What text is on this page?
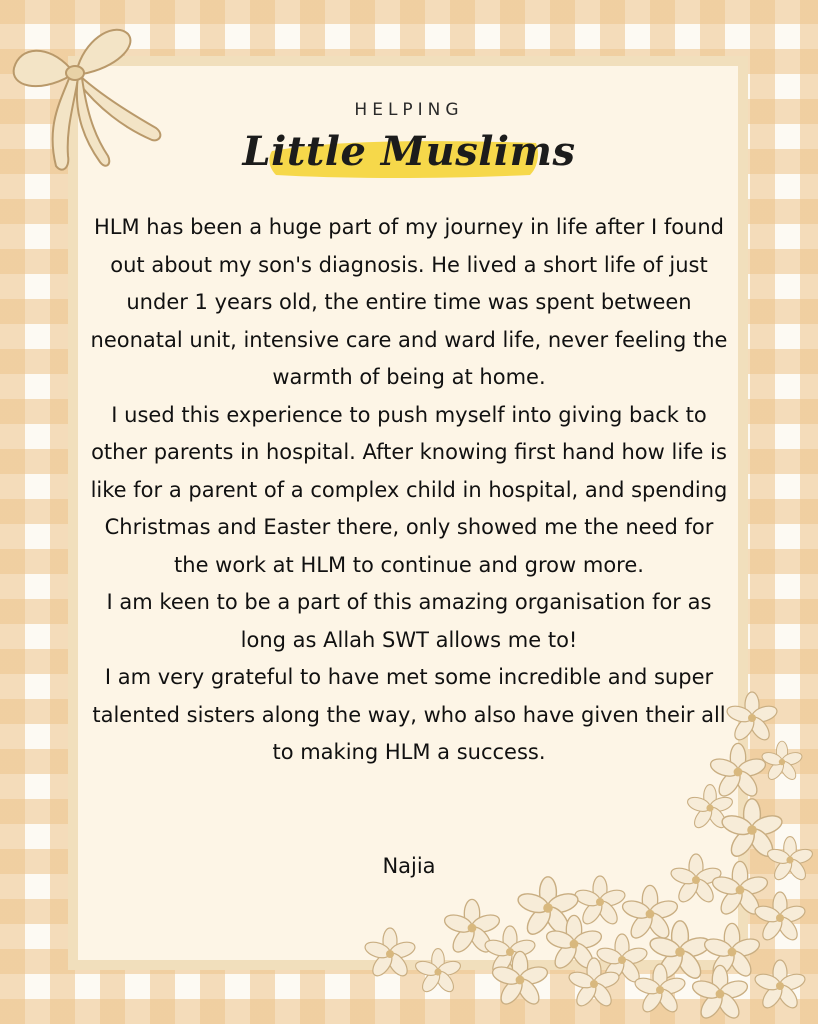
HELPING
Little Muslims

HLM has been a huge part of my journey in life after I found out about my son's diagnosis. He lived a short life of just under 1 years old, the entire time was spent between neonatal unit, intensive care and ward life, never feeling the warmth of being at home.

I used this experience to push myself into giving back to other parents in hospital. After knowing first hand how life is like for a parent of a complex child in hospital, and spending Christmas and Easter there, only showed me the need for the work at HLM to continue and grow more.

I am keen to be a part of this amazing organisation for as long as Allah SWT allows me to!

I am very grateful to have met some incredible and super talented sisters along the way, who also have given their all to making HLM a success.

Najia
